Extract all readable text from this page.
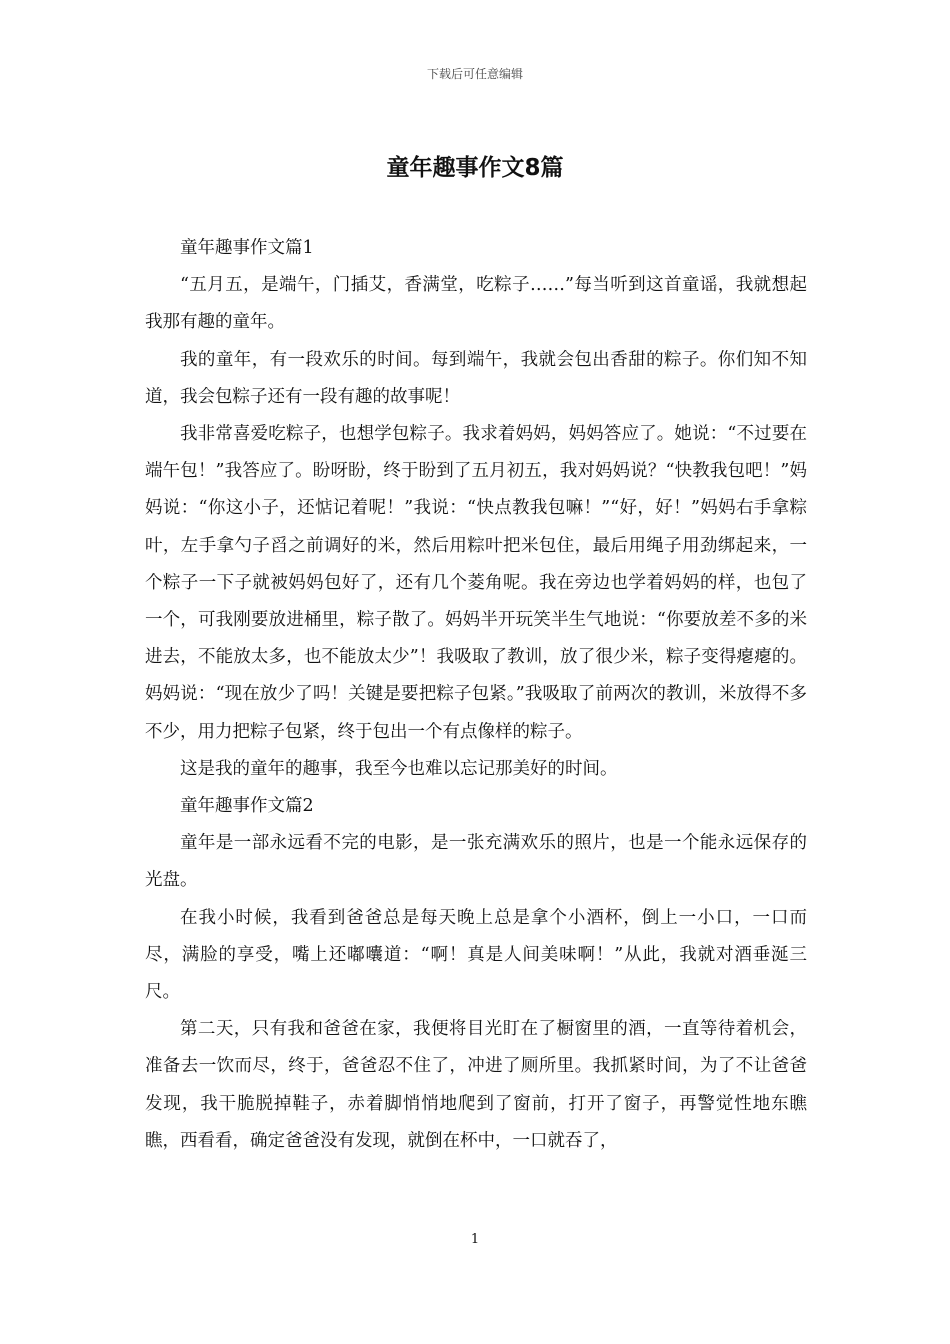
下载后可任意编辑
童年趣事作文8篇

童年趣事作文篇1

“五月五，是端午，门插艾，香满堂，吃粽子……”每当听到这首童谣，我就想起我那有趣的童年。

我的童年，有一段欢乐的时间。每到端午，我就会包出香甜的粽子。你们知不知道，我会包粽子还有一段有趣的故事呢！

我非常喜爱吃粽子，也想学包粽子。我求着妈妈，妈妈答应了。她说：“不过要在端午包！”我答应了。盼呀盼，终于盼到了五月初五，我对妈妈说？“快教我包吧！”妈妈说：“你这小子，还惦记着呢！”我说：“快点教我包嘛！”“好，好！”妈妈右手拿粽叶，左手拿勺子舀之前调好的米，然后用粽叶把米包住，最后用绳子用劲绑起来，一个粽子一下子就被妈妈包好了，还有几个菱角呢。我在旁边也学着妈妈的样，也包了一个，可我刚要放进桶里，粽子散了。妈妈半开玩笑半生气地说：“你要放差不多的米进去，不能放太多，也不能放太少”！我吸取了教训，放了很少米，粽子变得瘪瘪的。妈妈说：“现在放少了吗！关键是要把粽子包紧。”我吸取了前两次的教训，米放得不多不少，用力把粽子包紧，终于包出一个有点像样的粽子。

这是我的童年的趣事，我至今也难以忘记那美好的时间。

童年趣事作文篇2

童年是一部永远看不完的电影，是一张充满欢乐的照片，也是一个能永远保存的光盘。

在我小时候，我看到爸爸总是每天晚上总是拿个小酒杯，倒上一小口，一口而尽，满脸的享受，嘴上还嘟囔道：“啊！真是人间美味啊！”从此，我就对酒垂涎三尺。

第二天，只有我和爸爸在家，我便将目光盯在了橱窗里的酒，一直等待着机会，准备去一饮而尽，终于，爸爸忍不住了，冲进了厕所里。我抓紧时间，为了不让爸爸发现，我干脆脱掉鞋子，赤着脚悄悄地爬到了窗前，打开了窗子，再警觉性地东瞧瞧，西看看，确定爸爸没有发现，就倒在杯中，一口就吞了，

1
